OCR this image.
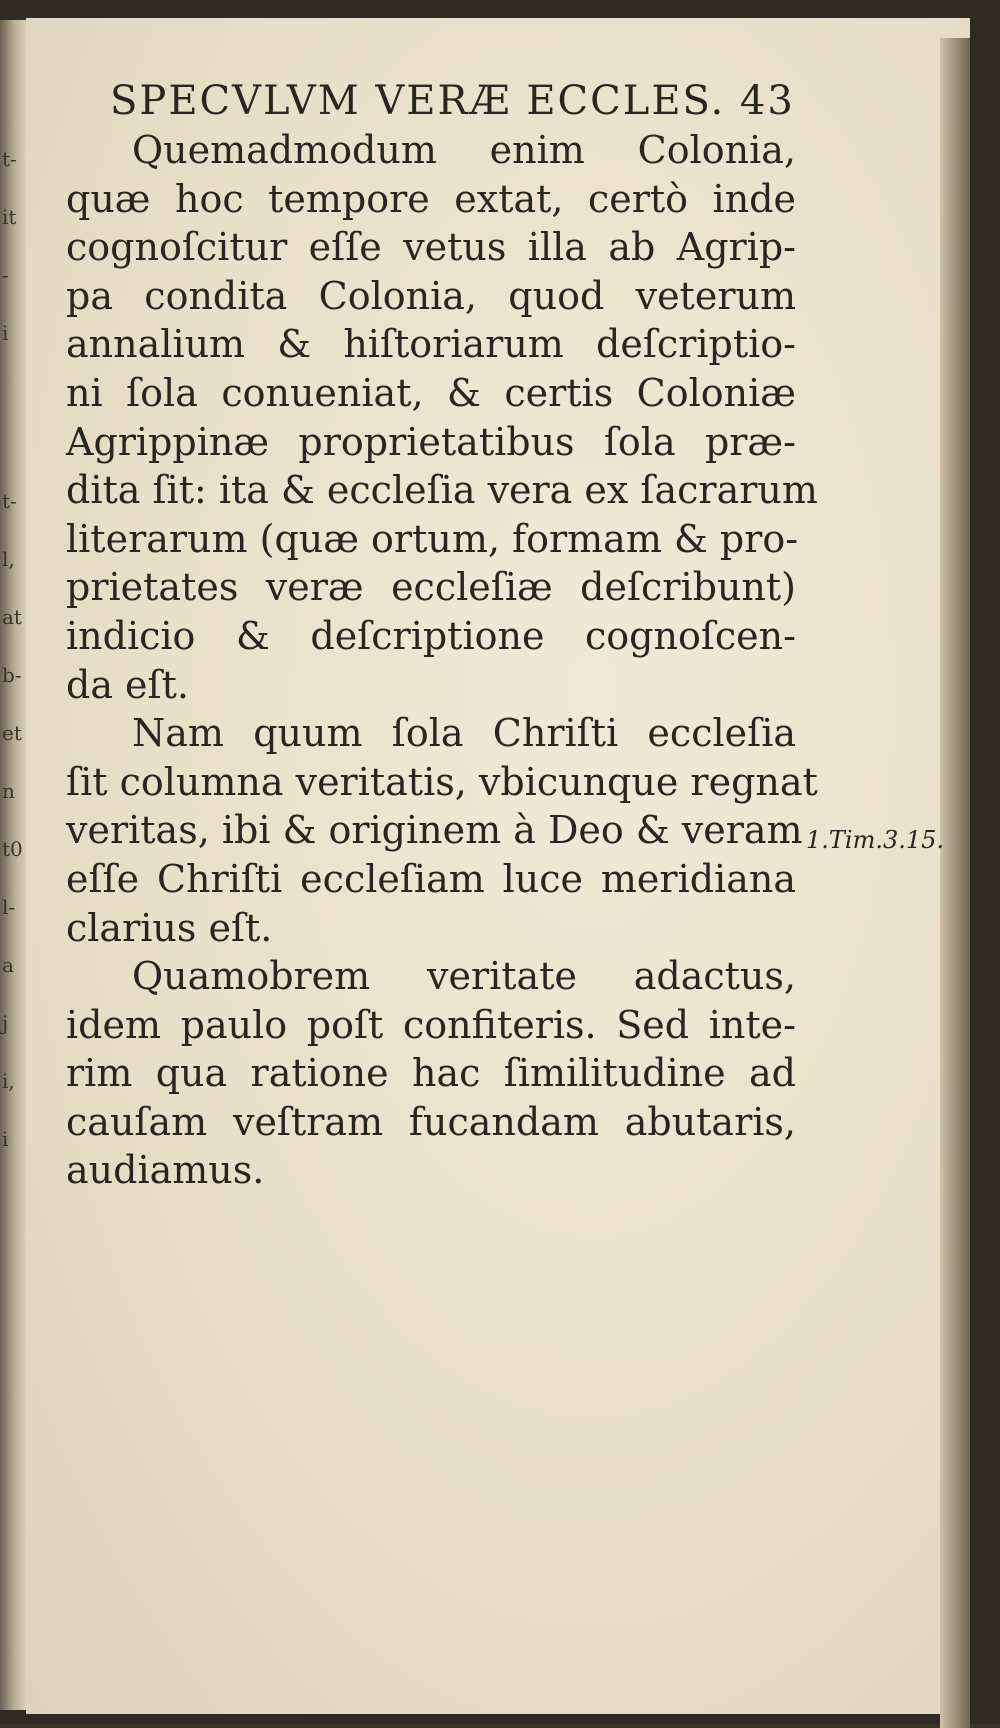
t-
it
-
i
t-
l,
at
b-
et
n
t0
l-
a
j
i,
i
SPECVLVM VERÆ ECCLES. 43

Quemadmodum enim Colonia,
quæ hoc tempore extat, certò inde
cognoſcitur eſſe vetus illa ab Agrip-
pa condita Colonia, quod veterum
annalium & hiſtoriarum deſcriptio-
ni ſola conueniat, & certis Coloniæ
Agrippinæ proprietatibus ſola præ-
dita ſit: ita & eccleſia vera ex ſacrarum
literarum (quæ ortum, formam & pro-
prietates veræ eccleſiæ deſcribunt)
indicio & deſcriptione cognoſcen-
da eſt.

Nam quum ſola Chriſti eccleſia
ſit columna veritatis, vbicunque regnat
veritas, ibi & originem à Deo & veram
eſſe Chriſti eccleſiam luce meridiana
clarius eſt.

Quamobrem veritate adactus,
idem paulo poſt confiteris. Sed inte-
rim qua ratione hac ſimilitudine ad
cauſam veſtram fucandam abutaris,
audiamus.

1.Tim.3.15.
